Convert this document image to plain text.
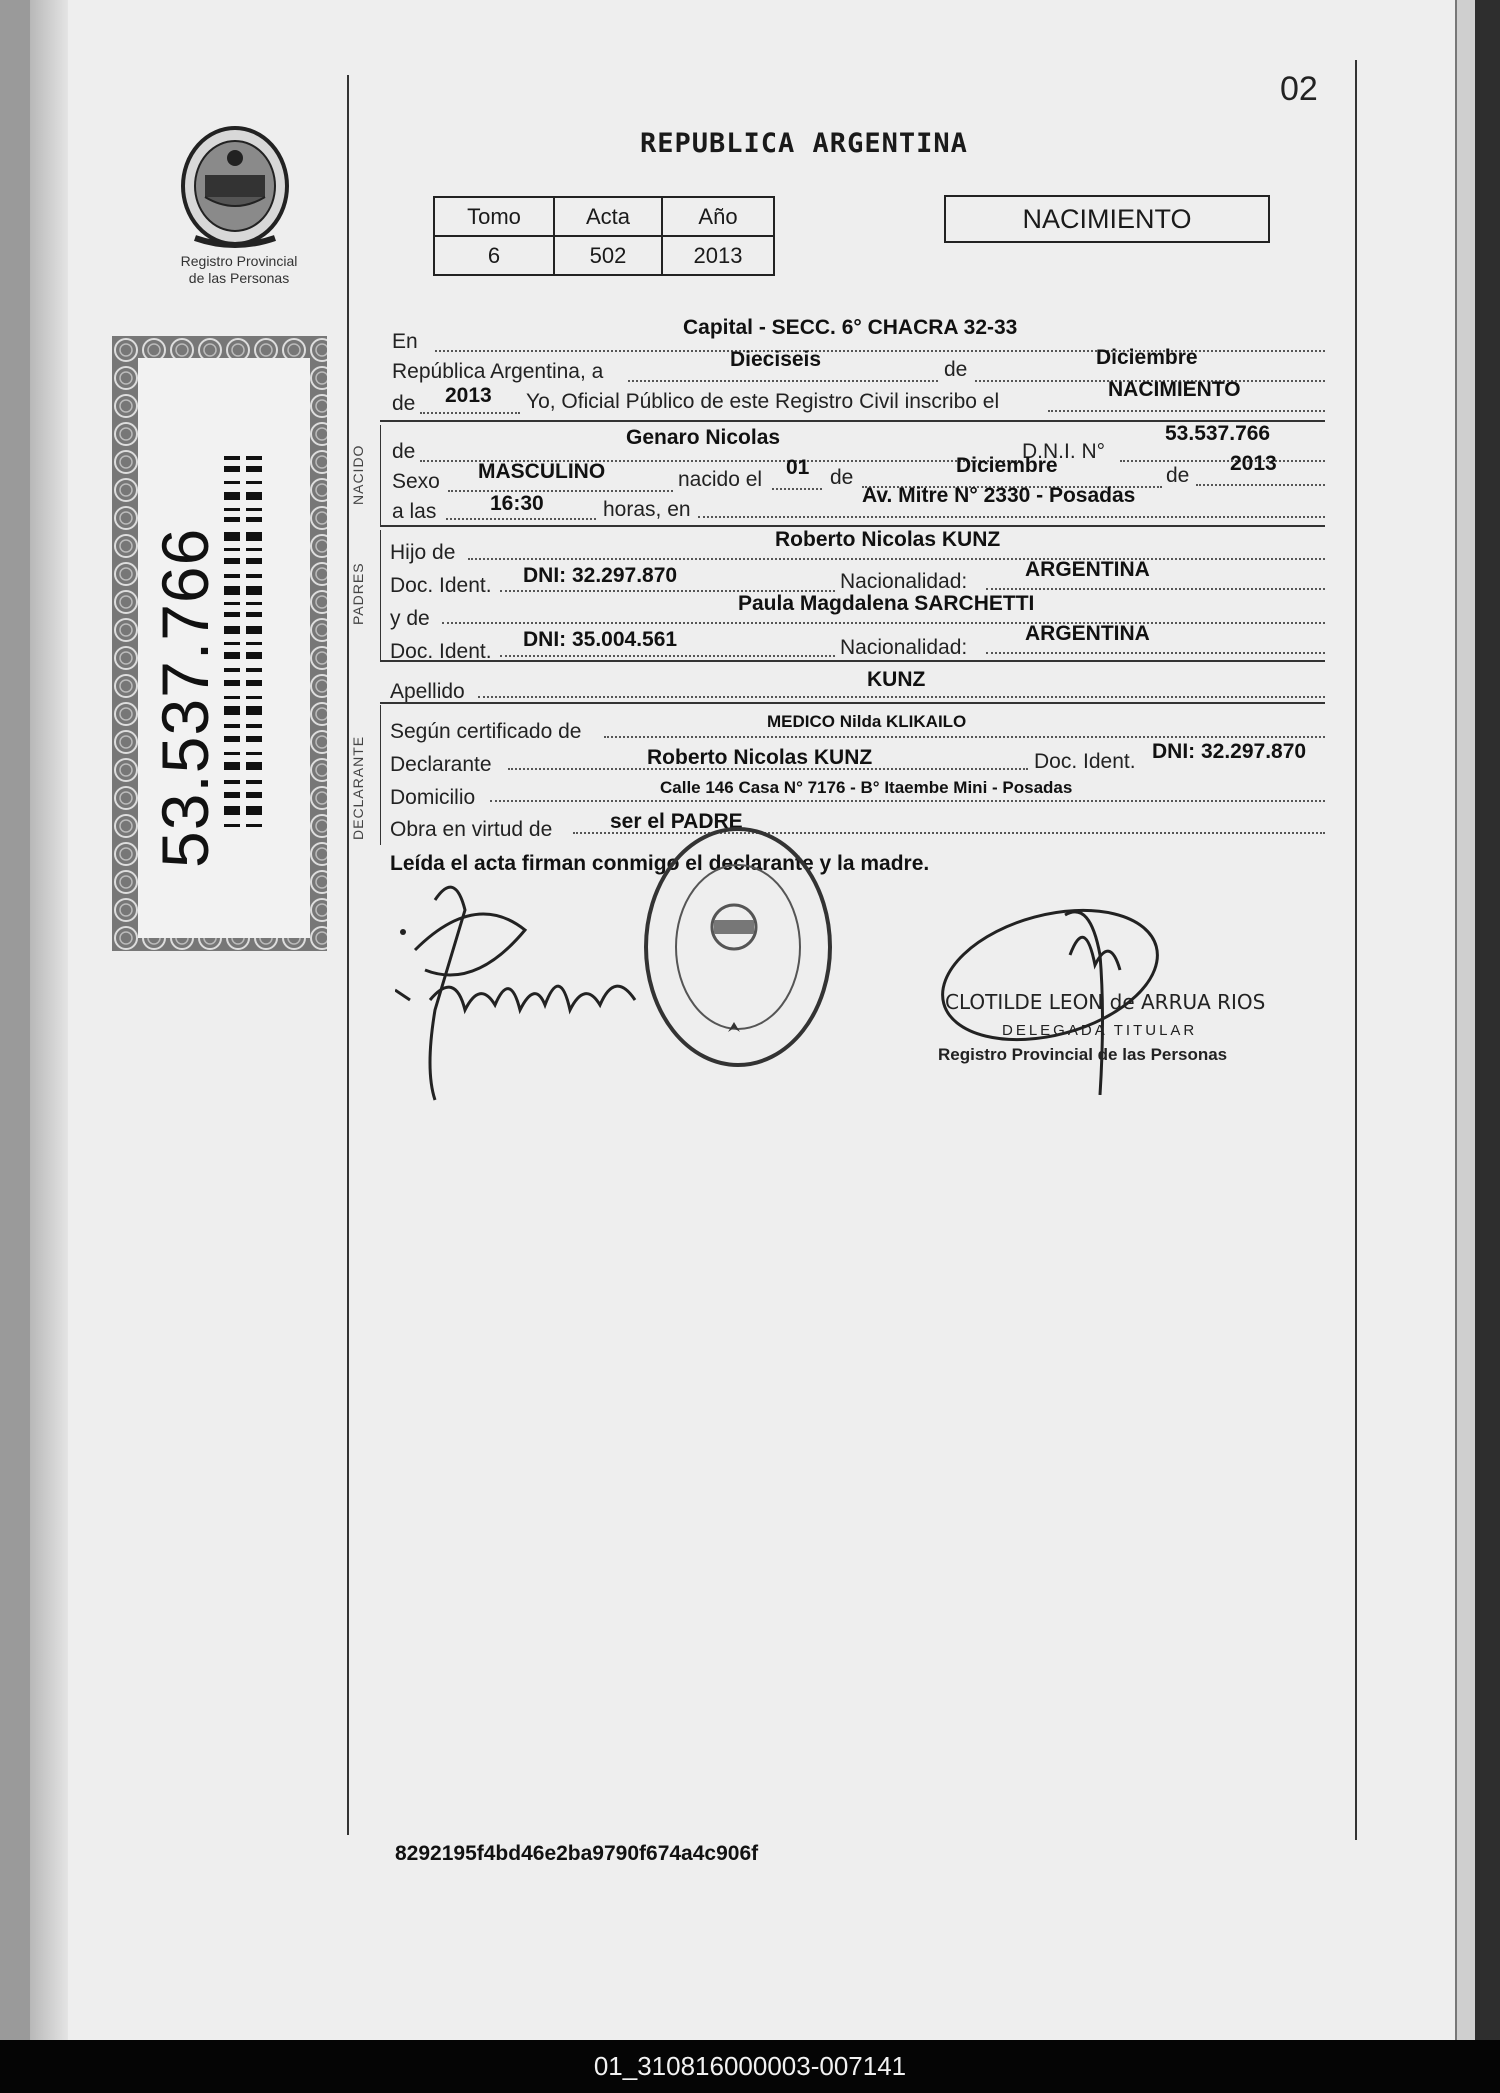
02
REPUBLICA ARGENTINA
Registro Provincial
de las Personas
53.537.766
Tomo	Acta	Año
6	502	2013
NACIMIENTO
NACIDO
PADRES
DECLARANTE
En
Capital - SECC. 6° CHACRA 32-33
República Argentina, a
Dieciseis	de
Diciembre
de 2013 Yo, Oficial Público de este Registro Civil inscribo el
NACIMIENTO
de
Genaro Nicolas
D.N.I. N°
53.537.766
Sexo MASCULINO	nacido el
01 de
Diciembre	de
2013
a las	16:30	horas, en
Av. Mitre N° 2330 - Posadas
Hijo de
Roberto Nicolas KUNZ
Doc. Ident. DNI: 32.297.870	Nacionalidad:
ARGENTINA
y de
Paula Magdalena SARCHETTI
Doc. Ident.
DNI: 35.004.561	Nacionalidad:
ARGENTINA
Apellido
KUNZ
Según certificado de	MEDICO Nilda KLIKAILO
Declarante	Roberto Nicolas KUNZ	Doc. Ident. DNI: 32.297.870
Domicilio	Calle 146 Casa N° 7176 - B° Itaembe Mini - Posadas
Obra en virtud de	ser el PADRE
Leída el acta firman conmigo el declarante y la madre.
CLOTILDE LEON de ARRUA RIOS
DELEGADA TITULAR
Registro Provincial de las Personas
8292195f4bd46e2ba9790f674a4c906f
01_310816000003-007141
